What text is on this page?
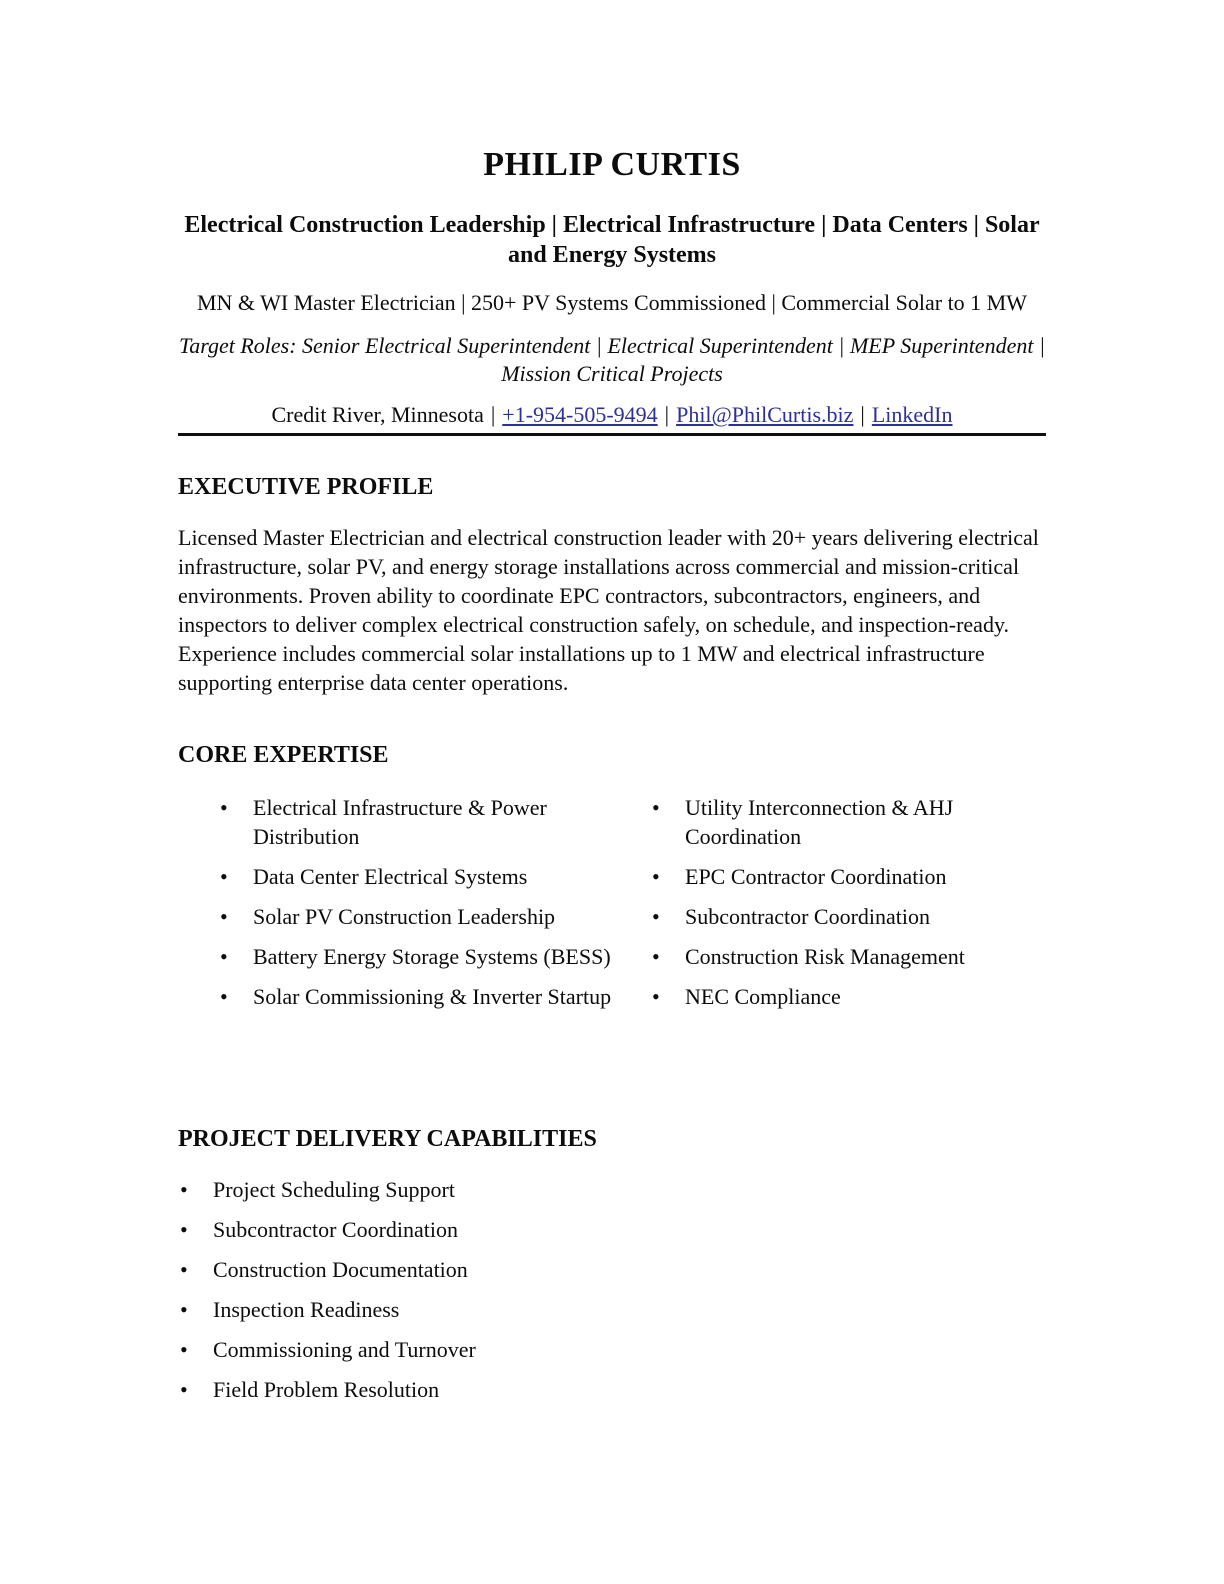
PHILIP CURTIS
Electrical Construction Leadership | Electrical Infrastructure | Data Centers | Solar
and Energy Systems
MN & WI Master Electrician | 250+ PV Systems Commissioned | Commercial Solar to 1 MW
Target Roles: Senior Electrical Superintendent | Electrical Superintendent | MEP Superintendent |
Mission Critical Projects
Credit River, Minnesota | +1-954-505-9494 | Phil@PhilCurtis.biz | LinkedIn
EXECUTIVE PROFILE

Licensed Master Electrician and electrical construction leader with 20+ years delivering electrical infrastructure, solar PV, and energy storage installations across commercial and mission-critical environments. Proven ability to coordinate EPC contractors, subcontractors, engineers, and inspectors to deliver complex electrical construction safely, on schedule, and inspection-ready. Experience includes commercial solar installations up to 1 MW and electrical infrastructure supporting enterprise data center operations.

CORE EXPERTISE
• Electrical Infrastructure & Power Distribution
• Data Center Electrical Systems
• Solar PV Construction Leadership
• Battery Energy Storage Systems (BESS)
• Solar Commissioning & Inverter Startup
• Utility Interconnection & AHJ Coordination
• EPC Contractor Coordination
• Subcontractor Coordination
• Construction Risk Management
• NEC Compliance
PROJECT DELIVERY CAPABILITIES
• Project Scheduling Support
• Subcontractor Coordination
• Construction Documentation
• Inspection Readiness
• Commissioning and Turnover
• Field Problem Resolution
